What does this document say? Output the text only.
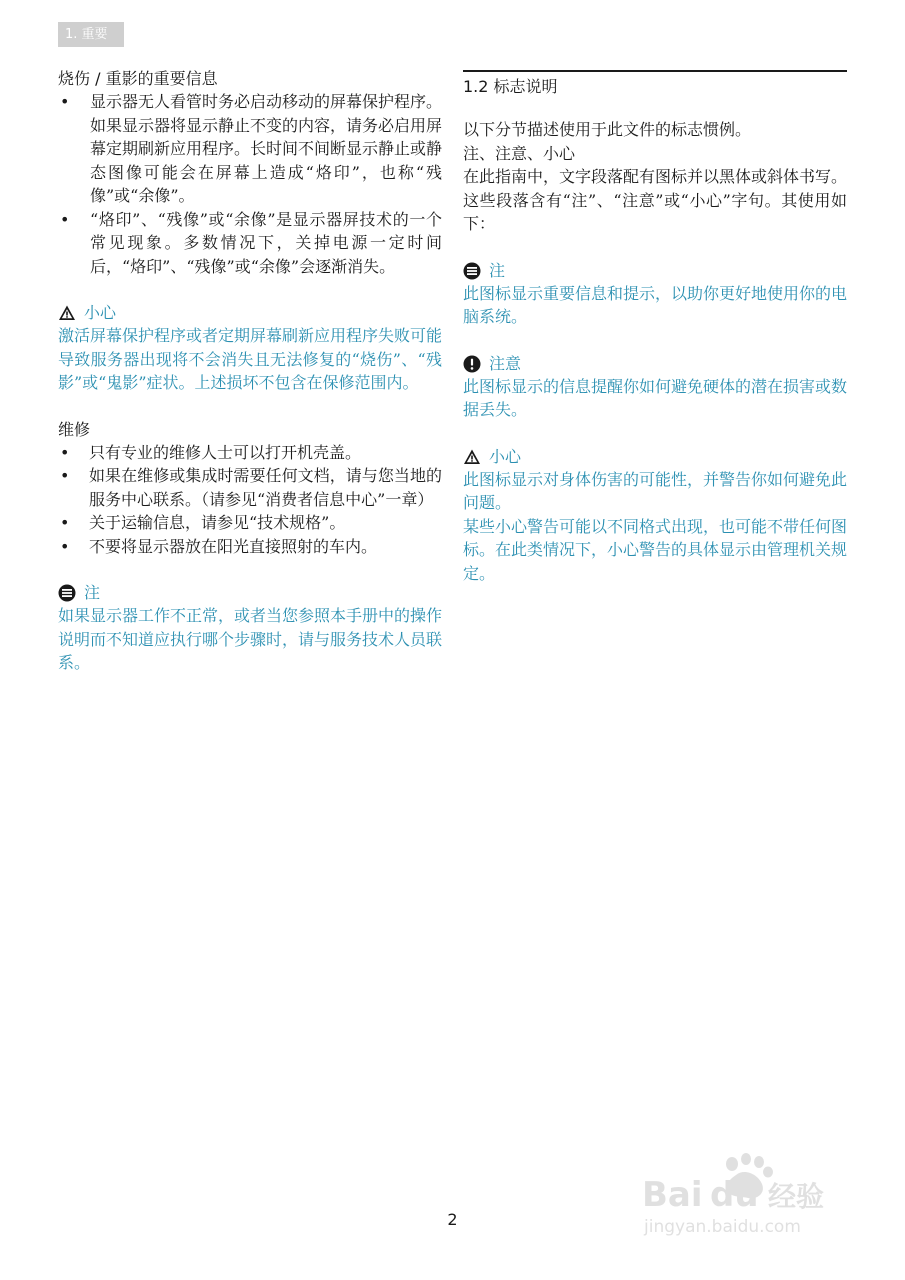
1. 重要
烧伤 / 重影的重要信息
• 显示器无人看管时务必启动移动的屏幕保护程序。如果显示器将显示静止不变的内容，请务必启用屏幕定期刷新应用程序。长时间不间断显示静止或静态图像可能会在屏幕上造成“烙印”，也称“残像”或“余像”。
• “烙印”、“残像”或“余像”是显示器屏技术的一个常见现象。多数情况下，关掉电源一定时间后，“烙印”、“残像”或“余像”会逐渐消失。
小心

激活屏幕保护程序或者定期屏幕刷新应用程序失败可能导致服务器出现将不会消失且无法修复的“烧伤”、“残影”或“鬼影”症状。上述损坏不包含在保修范围内。

维修
• 只有专业的维修人士可以打开机壳盖。
• 如果在维修或集成时需要任何文档，请与您当地的服务中心联系。（请参见“消费者信息中心”一章）
• 关于运输信息，请参见“技术规格”。
• 不要将显示器放在阳光直接照射的车内。
注

如果显示器工作不正常，或者当您参照本手册中的操作说明而不知道应执行哪个步骤时，请与服务技术人员联系。

1.2 标志说明

以下分节描述使用于此文件的标志惯例。

注、注意、小心

在此指南中，文字段落配有图标并以黑体或斜体书写。这些段落含有“注”、“注意”或“小心”字句。其使用如下：

注

此图标显示重要信息和提示，以助你更好地使用你的电脑系统。

注意

此图标显示的信息提醒你如何避免硬体的潜在损害或数据丢失。

小心

此图标显示对身体伤害的可能性，并警告你如何避免此问题。

某些小心警告可能以不同格式出现，也可能不带任何图标。在此类情况下，小心警告的具体显示由管理机关规定。

2
Bai du 经验
jingyan.baidu.com
